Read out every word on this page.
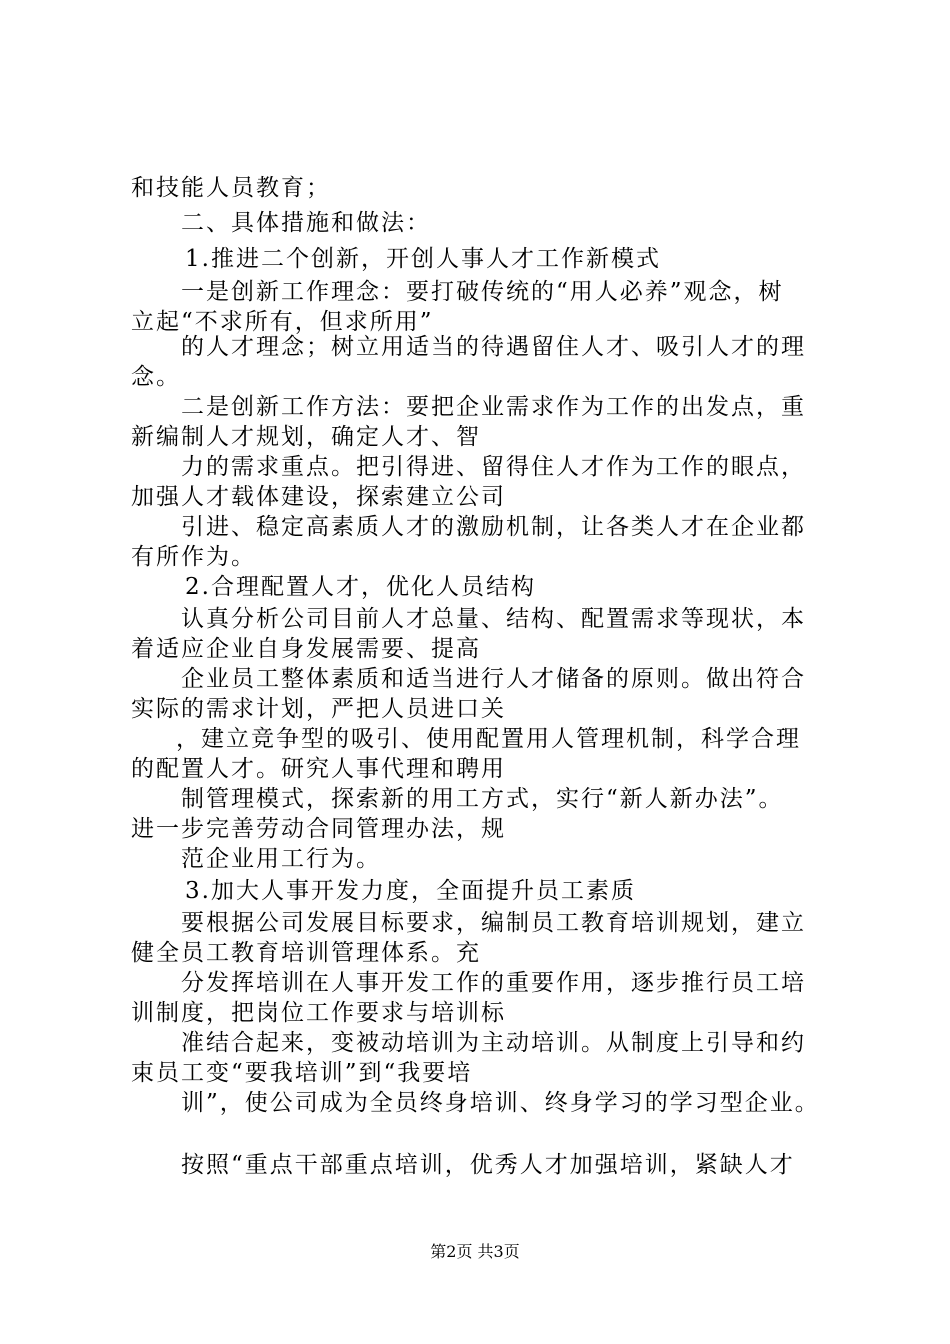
和技能人员教育；
二、具体措施和做法：
1.推进二个创新，开创人事人才工作新模式
一是创新工作理念：要打破传统的“用人必养”观念，树
立起“不求所有，但求所用”
的人才理念；树立用适当的待遇留住人才、吸引人才的理
念。
二是创新工作方法：要把企业需求作为工作的出发点，重
新编制人才规划，确定人才、智
力的需求重点。把引得进、留得住人才作为工作的眼点，
加强人才载体建设，探索建立公司
引进、稳定高素质人才的激励机制，让各类人才在企业都
有所作为。
2.合理配置人才，优化人员结构
认真分析公司目前人才总量、结构、配置需求等现状，本
着适应企业自身发展需要、提高
企业员工整体素质和适当进行人才储备的原则。做出符合
实际的需求计划，严把人员进口关
，建立竞争型的吸引、使用配置用人管理机制，科学合理
的配置人才。研究人事代理和聘用
制管理模式，探索新的用工方式，实行“新人新办法”。
进一步完善劳动合同管理办法，规
范企业用工行为。
3.加大人事开发力度，全面提升员工素质
要根据公司发展目标要求，编制员工教育培训规划，建立
健全员工教育培训管理体系。充
分发挥培训在人事开发工作的重要作用，逐步推行员工培
训制度，把岗位工作要求与培训标
准结合起来，变被动培训为主动培训。从制度上引导和约
束员工变“要我培训”到“我要培
训”，使公司成为全员终身培训、终身学习的学习型企业。
按照“重点干部重点培训，优秀人才加强培训，紧缺人才
第2页 共3页
